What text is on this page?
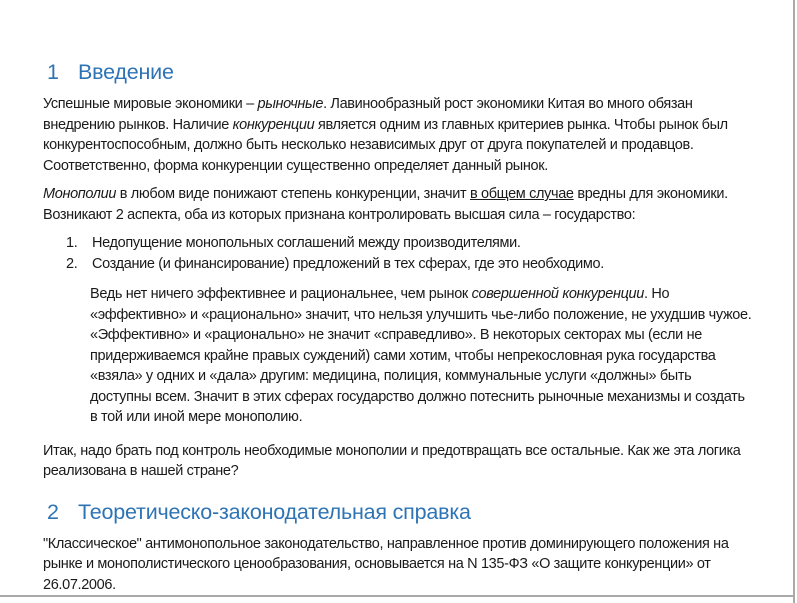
1 Введение

Успешные мировые экономики – рыночные. Лавинообразный рост экономики Китая во много обязан внедрению рынков. Наличие конкуренции является одним из главных критериев рынка. Чтобы рынок был конкурентоспособным, должно быть несколько независимых друг от друга покупателей и продавцов. Соответственно, форма конкуренции существенно определяет данный рынок.

Монополии в любом виде понижают степень конкуренции, значит в общем случае вредны для экономики. Возникают 2 аспекта, оба из которых признана контролировать высшая сила – государство:

1. Недопущение монопольных соглашений между производителями.
2. Создание (и финансирование) предложений в тех сферах, где это необходимо.
Ведь нет ничего эффективнее и рациональнее, чем рынок совершенной конкуренции. Но «эффективно» и «рационально» значит, что нельзя улучшить чье-либо положение, не ухудшив чужое. «Эффективно» и «рационально» не значит «справедливо». В некоторых секторах мы (если не придерживаемся крайне правых суждений) сами хотим, чтобы непрекословная рука государства «взяла» у одних и «дала» другим: медицина, полиция, коммунальные услуги «должны» быть доступны всем. Значит в этих сферах государство должно потеснить рыночные механизмы и создать в той или иной мере монополию.

Итак, надо брать под контроль необходимые монополии и предотвращать все остальные. Как же эта логика реализована в нашей стране?

2 Теоретическо-законодательная справка

"Классическое" антимонопольное законодательство, направленное против доминирующего положения на рынке и монополистического ценообразования, основывается на N 135-ФЗ «О защите конкуренции» от 26.07.2006.
